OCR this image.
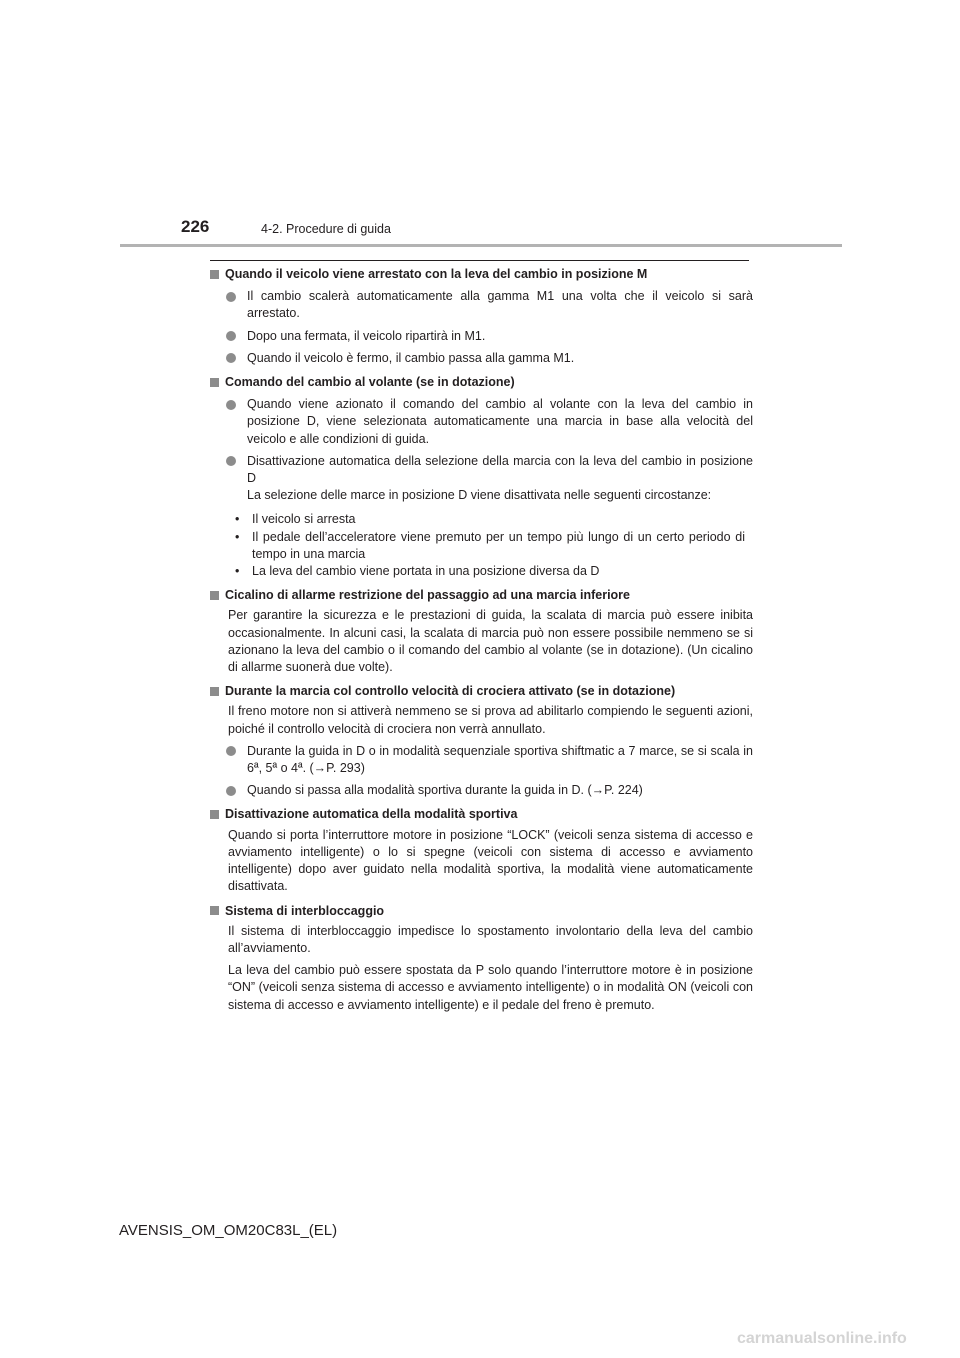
226	4-2. Procedure di guida
Quando il veicolo viene arrestato con la leva del cambio in posizione M
Il cambio scalerà automaticamente alla gamma M1 una volta che il veicolo si sarà arrestato.
Dopo una fermata, il veicolo ripartirà in M1.
Quando il veicolo è fermo, il cambio passa alla gamma M1.
Comando del cambio al volante (se in dotazione)
Quando viene azionato il comando del cambio al volante con la leva del cambio in posizione D, viene selezionata automaticamente una marcia in base alla velocità del veicolo e alle condizioni di guida.
Disattivazione automatica della selezione della marcia con la leva del cambio in posizione D
La selezione delle marce in posizione D viene disattivata nelle seguenti circostanze:
• Il veicolo si arresta
• Il pedale dell’acceleratore viene premuto per un tempo più lungo di un certo periodo di tempo in una marcia
• La leva del cambio viene portata in una posizione diversa da D
Cicalino di allarme restrizione del passaggio ad una marcia inferiore
Per garantire la sicurezza e le prestazioni di guida, la scalata di marcia può essere inibita occasionalmente. In alcuni casi, la scalata di marcia può non essere possibile nemmeno se si azionano la leva del cambio o il comando del cambio al volante (se in dotazione). (Un cicalino di allarme suonerà due volte).
Durante la marcia col controllo velocità di crociera attivato (se in dotazione)
Il freno motore non si attiverà nemmeno se si prova ad abilitarlo compiendo le seguenti azioni, poiché il controllo velocità di crociera non verrà annullato.
Durante la guida in D o in modalità sequenziale sportiva shiftmatic a 7 marce, se si scala in 6ª, 5ª o 4ª. (→P. 293)
Quando si passa alla modalità sportiva durante la guida in D. (→P. 224)
Disattivazione automatica della modalità sportiva
Quando si porta l’interruttore motore in posizione “LOCK” (veicoli senza sistema di accesso e avviamento intelligente) o lo si spegne (veicoli con sistema di accesso e avviamento intelligente) dopo aver guidato nella modalità sportiva, la modalità viene automaticamente disattivata.
Sistema di interbloccaggio
Il sistema di interbloccaggio impedisce lo spostamento involontario della leva del cambio all’avviamento.
La leva del cambio può essere spostata da P solo quando l’interruttore motore è in posizione “ON” (veicoli senza sistema di accesso e avviamento intelligente) o in modalità ON (veicoli con sistema di accesso e avviamento intelligente) e il pedale del freno è premuto.
AVENSIS_OM_OM20C83L_(EL)
carmanualsonline.info
